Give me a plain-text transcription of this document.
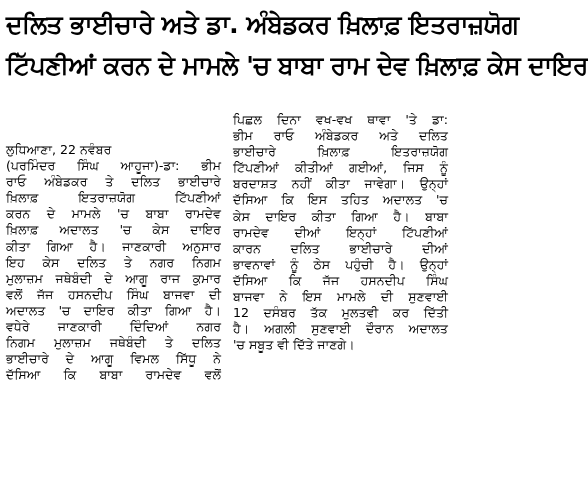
ਦਲਿਤ ਭਾਈਚਾਰੇ ਅਤੇ ਡਾ. ਅੰਬੇਡਕਰ ਖ਼ਿਲਾਫ਼ ਇਤਰਾਜ਼ਯੋਗ
ਟਿੱਪਣੀਆਂ ਕਰਨ ਦੇ ਮਾਮਲੇ 'ਚ ਬਾਬਾ ਰਾਮ ਦੇਵ ਖ਼ਿਲਾਫ਼ ਕੇਸ ਦਾਇਰ
ਲੁਧਿਆਣਾ, 22 ਨਵੰਬਰ
(ਪਰਮਿੰਦਰ ਸਿੰਘ ਆਹੂਜਾ)-ਡਾ: ਭੀਮ
ਰਾਓ ਅੰਬੇਡਕਰ ਤੇ ਦਲਿਤ ਭਾਈਚਾਰੇ
ਖ਼ਿਲਾਫ਼ ਇਤਰਾਜ਼ਯੋਗ ਟਿੱਪਣੀਆਂ
ਕਰਨ ਦੇ ਮਾਮਲੇ 'ਚ ਬਾਬਾ ਰਾਮਦੇਵ
ਖ਼ਿਲਾਫ਼ ਅਦਾਲਤ 'ਚ ਕੇਸ ਦਾਇਰ
ਕੀਤਾ ਗਿਆ ਹੈ। ਜਾਣਕਾਰੀ ਅਨੁਸਾਰ
ਇਹ ਕੇਸ ਦਲਿਤ ਤੇ ਨਗਰ ਨਿਗਮ
ਮੁਲਾਜ਼ਮ ਜਥੇਬੰਦੀ ਦੇ ਆਗੂ ਰਾਜ ਕੁਮਾਰ
ਵਲੋਂ ਜੱਜ ਹਸਨਦੀਪ ਸਿੰਘ ਬਾਜਵਾ ਦੀ
ਅਦਾਲਤ 'ਚ ਦਾਇਰ ਕੀਤਾ ਗਿਆ ਹੈ।
ਵਧੇਰੇ ਜਾਣਕਾਰੀ ਦਿੰਦਿਆਂ ਨਗਰ
ਨਿਗਮ ਮੁਲਾਜ਼ਮ ਜਥੇਬੰਦੀ ਤੇ ਦਲਿਤ
ਭਾਈਚਾਰੇ ਦੇ ਆਗੂ ਵਿਮਲ ਸਿੱਧੂ ਨੇ
ਦੱਸਿਆ ਕਿ ਬਾਬਾ ਰਾਮਦੇਵ ਵਲੋਂ
ਪਿਛਲ ਦਿਨਾ ਵਖ-ਵਖ ਥਾਵਾ 'ਤੇ ਡਾ:
ਭੀਮ ਰਾਓ ਅੰਬੇਡਕਰ ਅਤੇ ਦਲਿਤ
ਭਾਈਚਾਰੇ ਖ਼ਿਲਾਫ਼ ਇਤਰਾਜ਼ਯੋਗ
ਟਿੱਪਣੀਆਂ ਕੀਤੀਆਂ ਗਈਆਂ, ਜਿਸ ਨੂੰ
ਬਰਦਾਸ਼ਤ ਨਹੀਂ ਕੀਤਾ ਜਾਵੇਗਾ। ਉਨ੍ਹਾਂ
ਦੱਸਿਆ ਕਿ ਇਸ ਤਹਿਤ ਅਦਾਲਤ 'ਚ
ਕੇਸ ਦਾਇਰ ਕੀਤਾ ਗਿਆ ਹੈ। ਬਾਬਾ
ਰਾਮਦੇਵ ਦੀਆਂ ਇਨ੍ਹਾਂ ਟਿੱਪਣੀਆਂ
ਕਾਰਨ ਦਲਿਤ ਭਾਈਚਾਰੇ ਦੀਆਂ
ਭਾਵਨਾਵਾਂ ਨੂੰ ਠੇਸ ਪਹੁੰਚੀ ਹੈ। ਉਨ੍ਹਾਂ
ਦੱਸਿਆ ਕਿ ਜੱਜ ਹਸਨਦੀਪ ਸਿੰਘ
ਬਾਜਵਾ ਨੇ ਇਸ ਮਾਮਲੇ ਦੀ ਸੁਣਵਾਈ
12 ਦਸੰਬਰ ਤੱਕ ਮੁਲਤਵੀ ਕਰ ਦਿੱਤੀ
ਹੈ। ਅਗਲੀ ਸੁਣਵਾਈ ਦੌਰਾਨ ਅਦਾਲਤ
'ਚ ਸਬੂਤ ਵੀ ਦਿੱਤੇ ਜਾਣਗੇ।
